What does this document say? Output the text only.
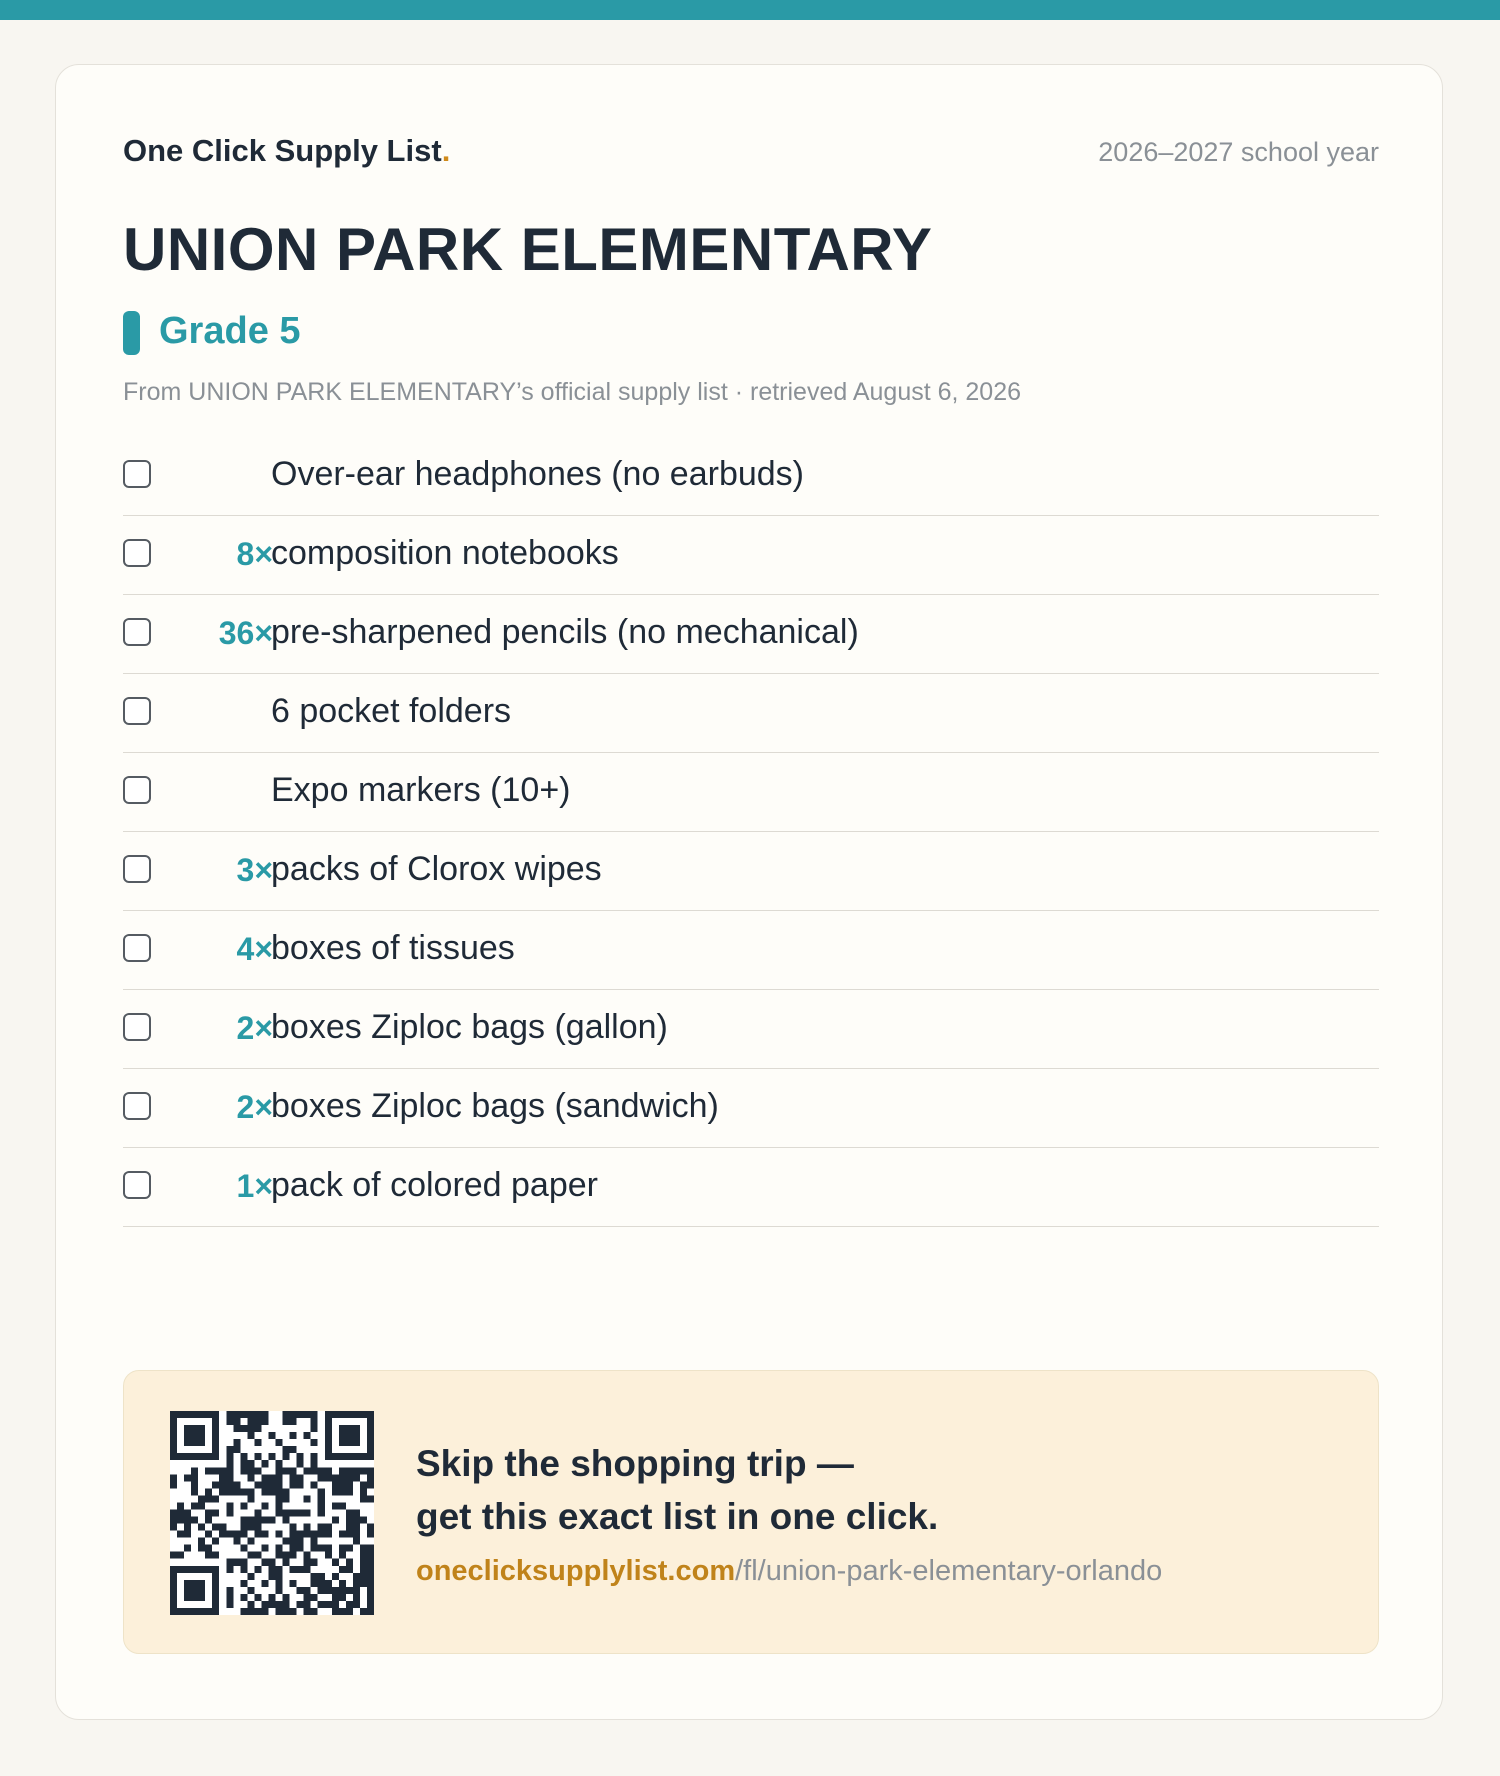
One Click Supply List.	2026–2027 school year
UNION PARK ELEMENTARY
Grade 5
From UNION PARK ELEMENTARY’s official supply list · retrieved August 6, 2026
Over-ear headphones (no earbuds)
8×
composition notebooks
36×
pre-sharpened pencils (no mechanical)
6 pocket folders
Expo markers (10+)
3×
packs of Clorox wipes
4×
boxes of tissues
2×
boxes Ziploc bags (gallon)
2×
boxes Ziploc bags (sandwich)
1×
pack of colored paper
Skip the shopping trip —
get this exact list in one click.
oneclicksupplylist.com/fl/union-park-elementary-orlando
